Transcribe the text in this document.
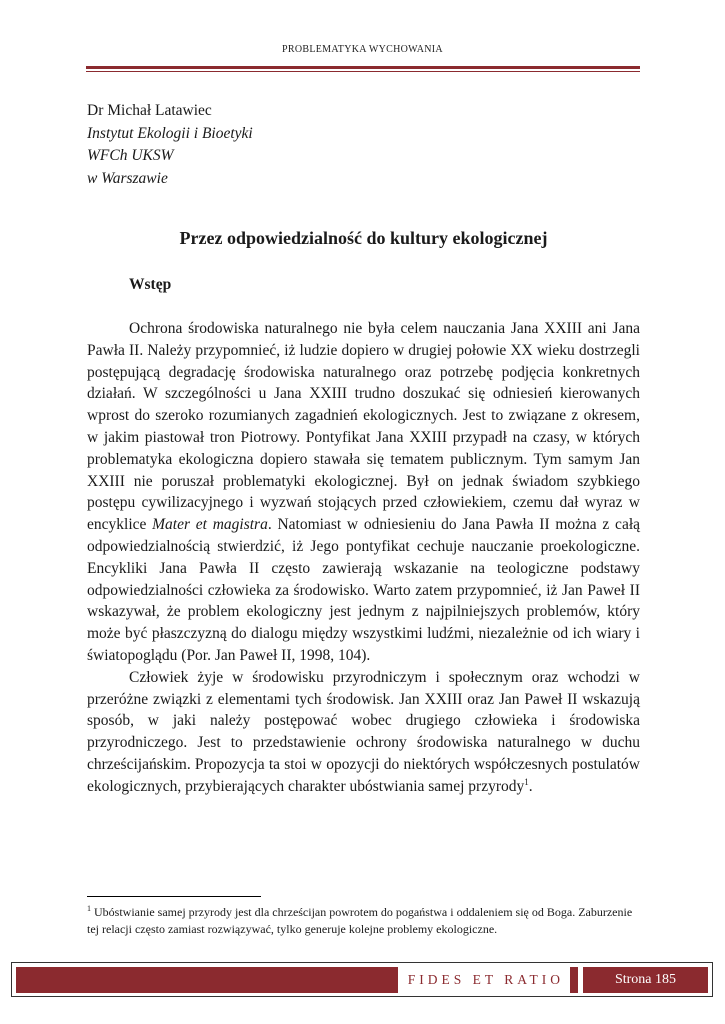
PROBLEMATYKA WYCHOWANIA
Dr Michał Latawiec
Instytut Ekologii i Bioetyki
WFCh UKSW
w Warszawie
Przez odpowiedzialność do kultury ekologicznej
Wstęp

Ochrona środowiska naturalnego nie była celem nauczania Jana XXIII ani Jana Pawła II. Należy przypomnieć, iż ludzie dopiero w drugiej połowie XX wieku dostrzegli postępującą degradację środowiska naturalnego oraz potrzebę podjęcia konkretnych działań. W szczególności u Jana XXIII trudno doszukać się odniesień kierowanych wprost do szeroko rozumianych zagadnień ekologicznych. Jest to związane z okresem, w jakim piastował tron Piotrowy. Pontyfikat Jana XXIII przypadł na czasy, w których problematyka ekologiczna dopiero stawała się tematem publicznym. Tym samym Jan XXIII nie poruszał problematyki ekologicznej. Był on jednak świadom szybkiego postępu cywilizacyjnego i wyzwań stojących przed człowiekiem, czemu dał wyraz w encyklice Mater et magistra. Natomiast w odniesieniu do Jana Pawła II można z całą odpowiedzialnością stwierdzić, iż Jego pontyfikat cechuje nauczanie proekologiczne. Encykliki Jana Pawła II często zawierają wskazanie na teologiczne podstawy odpowiedzialności człowieka za środowisko. Warto zatem przypomnieć, iż Jan Paweł II wskazywał, że problem ekologiczny jest jednym z najpilniejszych problemów, który może być płaszczyzną do dialogu między wszystkimi ludźmi, niezależnie od ich wiary i światopoglądu (Por. Jan Paweł II, 1998, 104).

Człowiek żyje w środowisku przyrodniczym i społecznym oraz wchodzi w przeróżne związki z elementami tych środowisk. Jan XXIII oraz Jan Paweł II wskazują sposób, w jaki należy postępować wobec drugiego człowieka i środowiska przyrodniczego. Jest to przedstawienie ochrony środowiska naturalnego w duchu chrześcijańskim. Propozycja ta stoi w opozycji do niektórych współczesnych postulatów ekologicznych, przybierających charakter ubóstwiania samej przyrody$^1$.

$^1$ Ubóstwianie samej przyrody jest dla chrześcijan powrotem do pogaństwa i oddaleniem się od Boga. Zaburzenie tej relacji często zamiast rozwiązywać, tylko generuje kolejne problemy ekologiczne.
FIDES ET RATIO	Strona 185
